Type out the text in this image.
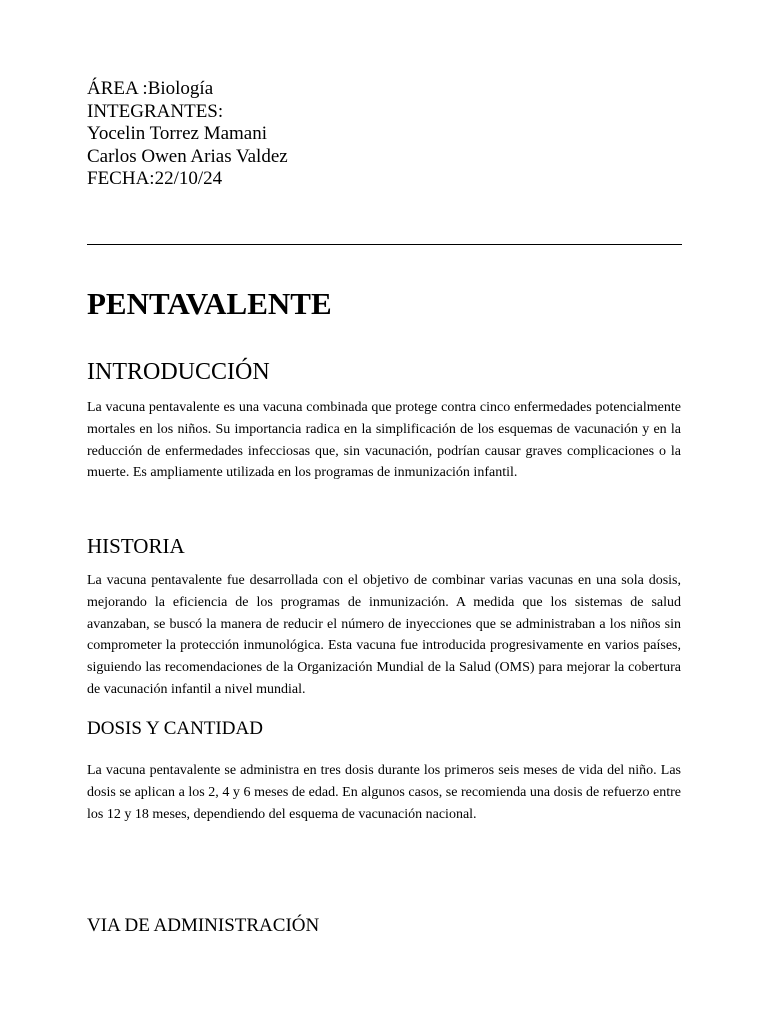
ÁREA :Biología
INTEGRANTES:
Yocelin Torrez Mamani
Carlos Owen Arias Valdez
FECHA:22/10/24
PENTAVALENTE
INTRODUCCIÓN

La vacuna pentavalente es una vacuna combinada que protege contra cinco enfermedades potencialmente mortales en los niños. Su importancia radica en la simplificación de los esquemas de vacunación y en la reducción de enfermedades infecciosas que, sin vacunación, podrían causar graves complicaciones o la muerte. Es ampliamente utilizada en los programas de inmunización infantil.

HISTORIA

La vacuna pentavalente fue desarrollada con el objetivo de combinar varias vacunas en una sola dosis, mejorando la eficiencia de los programas de inmunización. A medida que los sistemas de salud avanzaban, se buscó la manera de reducir el número de inyecciones que se administraban a los niños sin comprometer la protección inmunológica. Esta vacuna fue introducida progresivamente en varios países, siguiendo las recomendaciones de la Organización Mundial de la Salud (OMS) para mejorar la cobertura de vacunación infantil a nivel mundial.

DOSIS Y CANTIDAD

La vacuna pentavalente se administra en tres dosis durante los primeros seis meses de vida del niño. Las dosis se aplican a los 2, 4 y 6 meses de edad. En algunos casos, se recomienda una dosis de refuerzo entre los 12 y 18 meses, dependiendo del esquema de vacunación nacional.

VIA DE ADMINISTRACIÓN
